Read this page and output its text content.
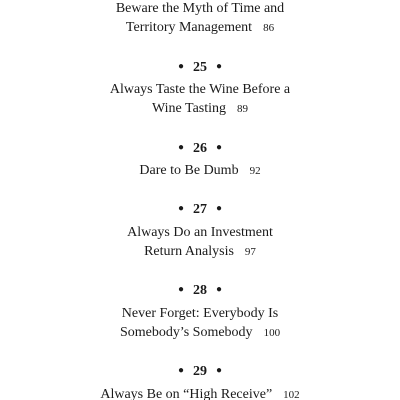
Beware the Myth of Time and
Territory Management 86
● 25 ●
Always Taste the Wine Before a
Wine Tasting 89
● 26 ●
Dare to Be Dumb 92
● 27 ●
Always Do an Investment
Return Analysis 97
● 28 ●
Never Forget: Everybody Is
Somebody’s Somebody 100
● 29 ●
Always Be on “High Receive” 102
